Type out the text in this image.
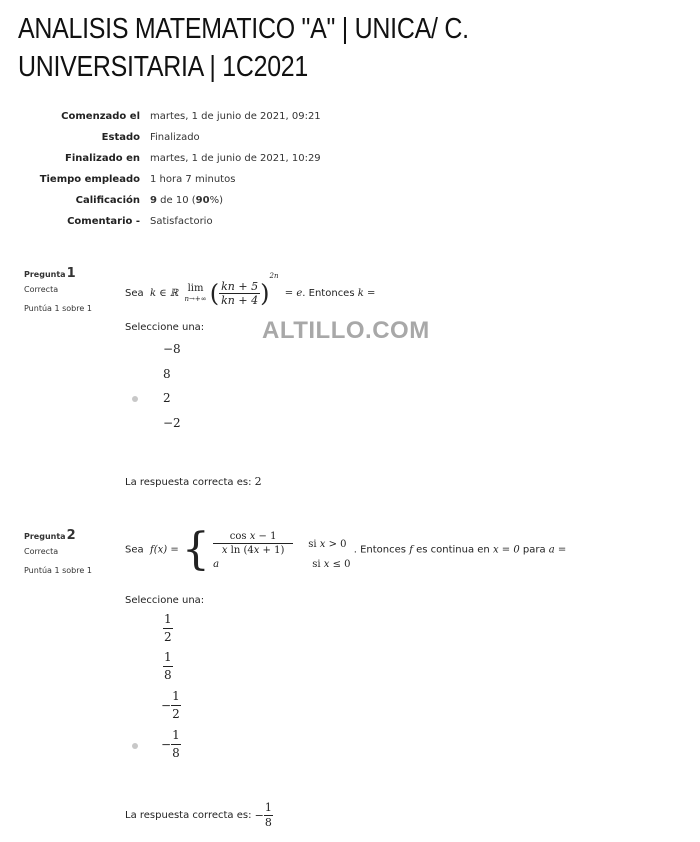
ANALISIS MATEMATICO "A" | UNICA/ C. UNIVERSITARIA | 1C2021
Comenzado el martes, 1 de junio de 2021, 09:21
Estado Finalizado
Finalizado en martes, 1 de junio de 2021, 10:29
Tiempo empleado 1 hora 7 minutos
Calificación 9 de 10 (90%)
Comentario - Satisfactorio
Pregunta1
Correcta
Puntúa 1 sobre 1
Sea  k ∈ ℝ lim
n→+∞ ( $\frac{kn + 5}{kn + 4} )^{2n} = e$. Entonces k =
ALTILLO.COM
Seleccione una:
−8
8
2
−2
La respuesta correcta es: 2
Pregunta2
Correcta
Puntúa 1 sobre 1
Sea  f(x) = { $\frac{\text{cos x − 1}}{\text{x ln (4x + 1)}}$ si x > 0
a	si x ≤ 0
. Entonces f es continua en x = 0 para a =
Seleccione una:
$\frac{1}{2}$
$\frac{1}{8}$
− $\frac{1}{2}$
− $\frac{1}{8}$
La respuesta correcta es: − $\frac{1}{8}$
